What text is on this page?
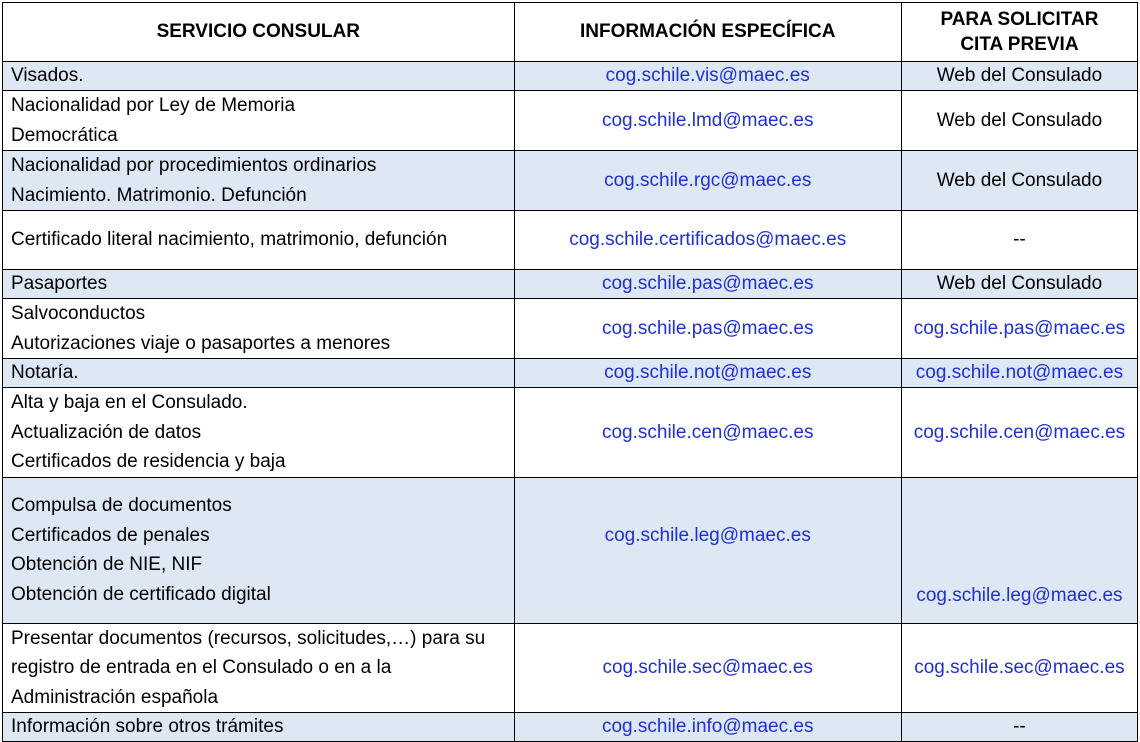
SERVICIO CONSULAR	INFORMACIÓN ESPECÍFICA	PARA SOLICITAR
CITA PREVIA

Visados.	cog.schile.vis@maec.es	Web del Consulado

Nacionalidad por Ley de Memoria
Democrática	cog.schile.lmd@maec.es	Web del Consulado

Nacionalidad por procedimientos ordinarios
Nacimiento. Matrimonio. Defunción	cog.schile.rgc@maec.es	Web del Consulado
Certificado literal nacimiento, matrimonio, defunción	cog.schile.certificados@maec.es	--

Pasaportes	cog.schile.pas@maec.es	Web del Consulado

Salvoconductos
Autorizaciones viaje o pasaportes a menores	cog.schile.pas@maec.es	cog.schile.pas@maec.es

Notaría.	cog.schile.not@maec.es	cog.schile.not@maec.es

Alta y baja en el Consulado.
Actualización de datos
Certificados de residencia y baja	cog.schile.cen@maec.es	cog.schile.cen@maec.es

Compulsa de documentos
Certificados de penales
Obtención de NIE, NIF
Obtención de certificado digital	cog.schile.leg@maec.es	cog.schile.leg@maec.es
Presentar documentos (recursos, solicitudes,…) para su registro de entrada en el Consulado o en a la Administración española	cog.schile.sec@maec.es	cog.schile.sec@maec.es

Información sobre otros trámites	cog.schile.info@maec.es	--
